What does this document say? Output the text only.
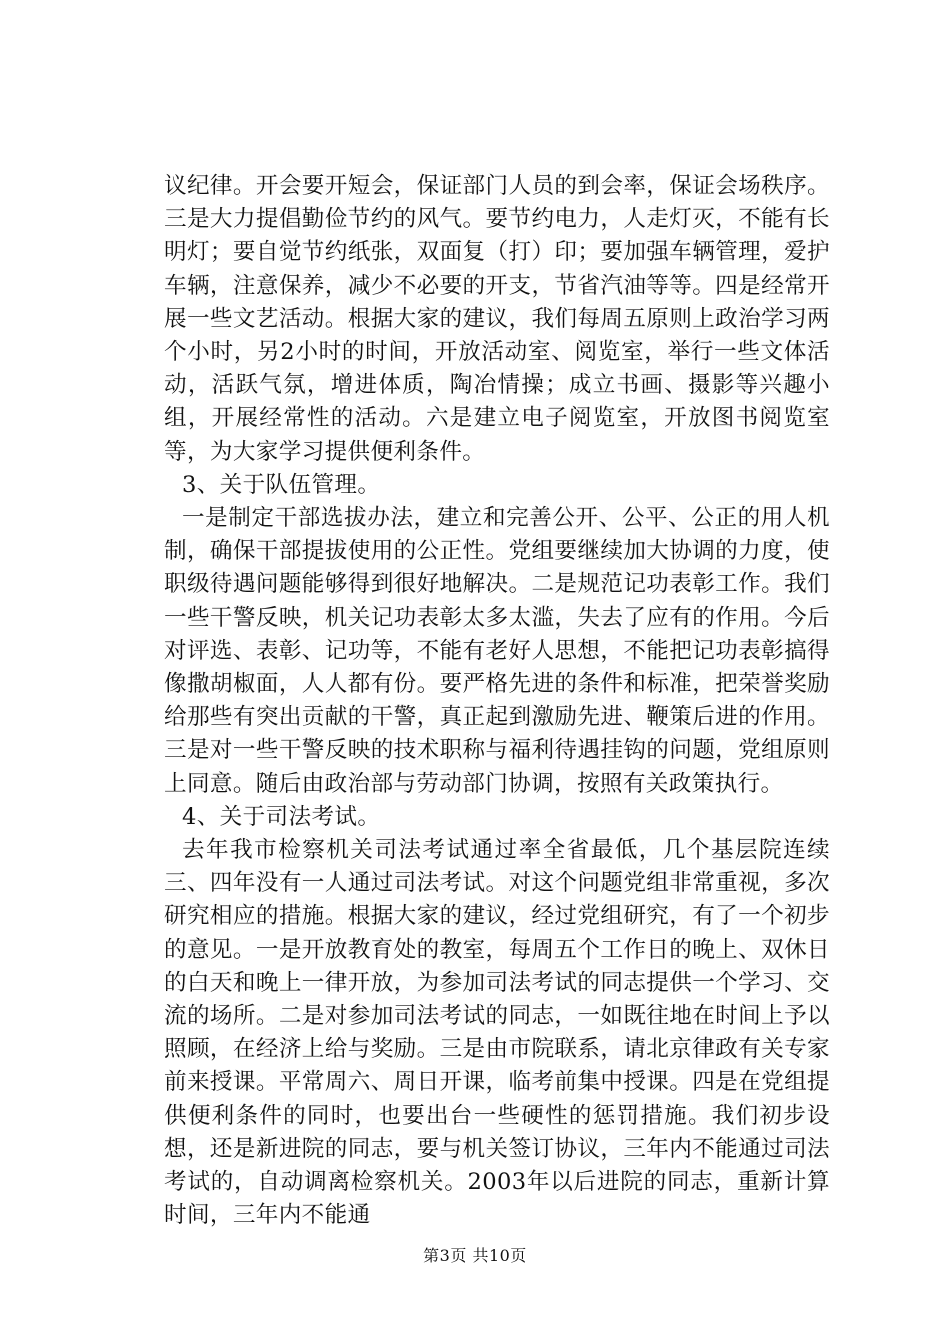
议纪律。开会要开短会，保证部门人员的到会率，保证会场秩序。三是大力提倡勤俭节约的风气。要节约电力，人走灯灭，不能有长明灯；要自觉节约纸张，双面复（打）印；要加强车辆管理，爱护车辆，注意保养，减少不必要的开支，节省汽油等等。四是经常开展一些文艺活动。根据大家的建议，我们每周五原则上政治学习两个小时，另2小时的时间，开放活动室、阅览室，举行一些文体活动，活跃气氛，增进体质，陶冶情操；成立书画、摄影等兴趣小组，开展经常性的活动。六是建立电子阅览室，开放图书阅览室等，为大家学习提供便利条件。

3、关于队伍管理。

一是制定干部选拔办法，建立和完善公开、公平、公正的用人机制，确保干部提拔使用的公正性。党组要继续加大协调的力度，使职级待遇问题能够得到很好地解决。二是规范记功表彰工作。我们一些干警反映，机关记功表彰太多太滥，失去了应有的作用。今后对评选、表彰、记功等，不能有老好人思想，不能把记功表彰搞得像撒胡椒面，人人都有份。要严格先进的条件和标准，把荣誉奖励给那些有突出贡献的干警，真正起到激励先进、鞭策后进的作用。三是对一些干警反映的技术职称与福利待遇挂钩的问题，党组原则上同意。随后由政治部与劳动部门协调，按照有关政策执行。

4、关于司法考试。

去年我市检察机关司法考试通过率全省最低，几个基层院连续三、四年没有一人通过司法考试。对这个问题党组非常重视，多次研究相应的措施。根据大家的建议，经过党组研究，有了一个初步的意见。一是开放教育处的教室，每周五个工作日的晚上、双休日的白天和晚上一律开放，为参加司法考试的同志提供一个学习、交流的场所。二是对参加司法考试的同志，一如既往地在时间上予以照顾，在经济上给与奖励。三是由市院联系，请北京律政有关专家前来授课。平常周六、周日开课，临考前集中授课。四是在党组提供便利条件的同时，也要出台一些硬性的惩罚措施。我们初步设想，还是新进院的同志，要与机关签订协议，三年内不能通过司法考试的，自动调离检察机关。2003年以后进院的同志，重新计算时间，三年内不能通

第3页 共10页
